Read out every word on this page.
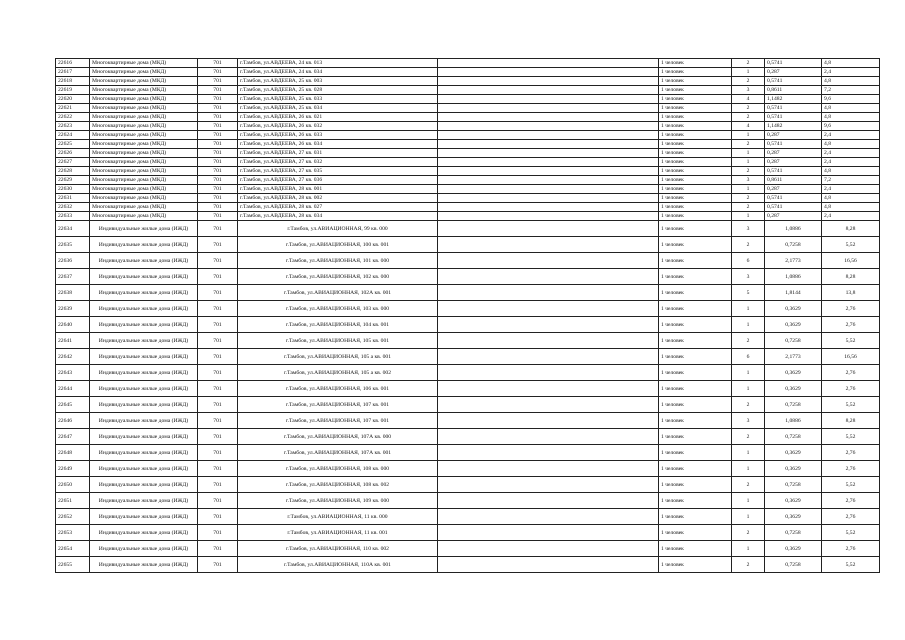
22616	Многоквартирные дома (МКД)	701	г.Тамбов, ул.АВДЕЕВА, 24 кв. 013		1 человек	2	0,5741	4,8
22617	Многоквартирные дома (МКД)	701	г.Тамбов, ул.АВДЕЕВА, 24 кв. 034		1 человек	1	0,287	2,4
22618	Многоквартирные дома (МКД)	701	г.Тамбов, ул.АВДЕЕВА, 25 кв. 003		1 человек	2	0,5741	4,8
22619	Многоквартирные дома (МКД)	701	г.Тамбов, ул.АВДЕЕВА, 25 кв. 028		1 человек	3	0,8611	7,2
22620	Многоквартирные дома (МКД)	701	г.Тамбов, ул.АВДЕЕВА, 25 кв. 033		1 человек	4	1,1482	9,6
22621	Многоквартирные дома (МКД)	701	г.Тамбов, ул.АВДЕЕВА, 25 кв. 034		1 человек	2	0,5741	4,8
22622	Многоквартирные дома (МКД)	701	г.Тамбов, ул.АВДЕЕВА, 26 кв. 021		1 человек	2	0,5741	4,8
22623	Многоквартирные дома (МКД)	701	г.Тамбов, ул.АВДЕЕВА, 26 кв. 032		1 человек	4	1,1482	9,6
22624	Многоквартирные дома (МКД)	701	г.Тамбов, ул.АВДЕЕВА, 26 кв. 033		1 человек	1	0,287	2,4
22625	Многоквартирные дома (МКД)	701	г.Тамбов, ул.АВДЕЕВА, 26 кв. 034		1 человек	2	0,5741	4,8
22626	Многоквартирные дома (МКД)	701	г.Тамбов, ул.АВДЕЕВА, 27 кв. 031		1 человек	1	0,287	2,4
22627	Многоквартирные дома (МКД)	701	г.Тамбов, ул.АВДЕЕВА, 27 кв. 032		1 человек	1	0,287	2,4
22628	Многоквартирные дома (МКД)	701	г.Тамбов, ул.АВДЕЕВА, 27 кв. 035		1 человек	2	0,5741	4,8
22629	Многоквартирные дома (МКД)	701	г.Тамбов, ул.АВДЕЕВА, 27 кв. 036		1 человек	3	0,8611	7,2
22630	Многоквартирные дома (МКД)	701	г.Тамбов, ул.АВДЕЕВА, 28 кв. 001		1 человек	1	0,287	2,4
22631	Многоквартирные дома (МКД)	701	г.Тамбов, ул.АВДЕЕВА, 28 кв. 002		1 человек	2	0,5741	4,8
22632	Многоквартирные дома (МКД)	701	г.Тамбов, ул.АВДЕЕВА, 28 кв. 027		1 человек	2	0,5741	4,8
22633	Многоквартирные дома (МКД)	701	г.Тамбов, ул.АВДЕЕВА, 28 кв. 034		1 человек	1	0,287	2,4
22634	Индивидуальные жилые дома (ИЖД)	701	г.Тамбов, ул.АВИАЦИОННАЯ, 99 кв. 000		1 человек	3	1,0886	8,28
22635	Индивидуальные жилые дома (ИЖД)	701	г.Тамбов, ул.АВИАЦИОННАЯ, 100 кв. 001		1 человек	2	0,7258	5,52
22636	Индивидуальные жилые дома (ИЖД)	701	г.Тамбов, ул.АВИАЦИОННАЯ, 101 кв. 000		1 человек	6	2,1773	16,56
22637	Индивидуальные жилые дома (ИЖД)	701	г.Тамбов, ул.АВИАЦИОННАЯ, 102 кв. 000		1 человек	3	1,0886	8,28
22638	Индивидуальные жилые дома (ИЖД)	701	г.Тамбов, ул.АВИАЦИОННАЯ, 102А кв. 001		1 человек	5	1,8144	13,8
22639	Индивидуальные жилые дома (ИЖД)	701	г.Тамбов, ул.АВИАЦИОННАЯ, 103 кв. 000		1 человек	1	0,3629	2,76
22640	Индивидуальные жилые дома (ИЖД)	701	г.Тамбов, ул.АВИАЦИОННАЯ, 104 кв. 001		1 человек	1	0,3629	2,76
22641	Индивидуальные жилые дома (ИЖД)	701	г.Тамбов, ул.АВИАЦИОННАЯ, 105 кв. 001		1 человек	2	0,7258	5,52
22642	Индивидуальные жилые дома (ИЖД)	701	г.Тамбов, ул.АВИАЦИОННАЯ, 105 а кв. 001		1 человек	6	2,1773	16,56
22643	Индивидуальные жилые дома (ИЖД)	701	г.Тамбов, ул.АВИАЦИОННАЯ, 105 а кв. 002		1 человек	1	0,3629	2,76
22644	Индивидуальные жилые дома (ИЖД)	701	г.Тамбов, ул.АВИАЦИОННАЯ, 106 кв. 001		1 человек	1	0,3629	2,76
22645	Индивидуальные жилые дома (ИЖД)	701	г.Тамбов, ул.АВИАЦИОННАЯ, 107 кв. 001		1 человек	2	0,7258	5,52
22646	Индивидуальные жилые дома (ИЖД)	701	г.Тамбов, ул.АВИАЦИОННАЯ, 107 кв. 001		1 человек	3	1,0886	8,28
22647	Индивидуальные жилые дома (ИЖД)	701	г.Тамбов, ул.АВИАЦИОННАЯ, 107А кв. 000		1 человек	2	0,7258	5,52
22648	Индивидуальные жилые дома (ИЖД)	701	г.Тамбов, ул.АВИАЦИОННАЯ, 107А кв. 001		1 человек	1	0,3629	2,76
22649	Индивидуальные жилые дома (ИЖД)	701	г.Тамбов, ул.АВИАЦИОННАЯ, 108 кв. 000		1 человек	1	0,3629	2,76
22650	Индивидуальные жилые дома (ИЖД)	701	г.Тамбов, ул.АВИАЦИОННАЯ, 108 кв. 002		1 человек	2	0,7258	5,52
22651	Индивидуальные жилые дома (ИЖД)	701	г.Тамбов, ул.АВИАЦИОННАЯ, 109 кв. 000		1 человек	1	0,3629	2,76
22652	Индивидуальные жилые дома (ИЖД)	701	г.Тамбов, ул.АВИАЦИОННАЯ, 11 кв. 000		1 человек	1	0,3629	2,76
22653	Индивидуальные жилые дома (ИЖД)	701	г.Тамбов, ул.АВИАЦИОННАЯ, 11 кв. 001		1 человек	2	0,7258	5,52
22654	Индивидуальные жилые дома (ИЖД)	701	г.Тамбов, ул.АВИАЦИОННАЯ, 110 кв. 002		1 человек	1	0,3629	2,76
22655	Индивидуальные жилые дома (ИЖД)	701	г.Тамбов, ул.АВИАЦИОННАЯ, 110А кв. 001		1 человек	2	0,7258	5,52
